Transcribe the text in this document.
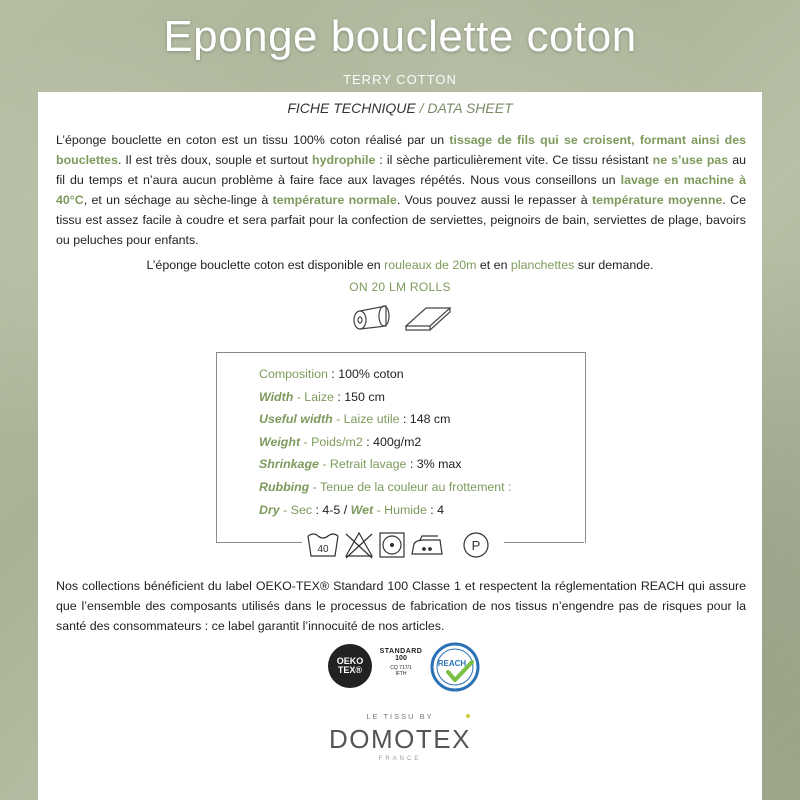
Eponge bouclette coton
TERRY COTTON
FICHE TECHNIQUE / DATA SHEET
L’éponge bouclette en coton est un tissu 100% coton réalisé par un tissage de fils qui se croisent, formant ainsi des bouclettes. Il est très doux, souple et surtout hydrophile : il sèche particulièrement vite. Ce tissu résistant ne s’use pas au fil du temps et n’aura aucun problème à faire face aux lavages répétés. Nous vous conseillons un lavage en machine à 40°C, et un séchage au sèche-linge à température normale. Vous pouvez aussi le repasser à température moyenne. Ce tissu est assez facile à coudre et sera parfait pour la confection de serviettes, peignoirs de bain, serviettes de plage, bavoirs ou peluches pour enfants.
L’éponge bouclette coton est disponible en rouleaux de 20m et en planchettes sur demande.
ON 20 LM ROLLS
Composition : 100% coton
Width - Laize : 150 cm
Useful width - Laize utile : 148 cm
Weight - Poids/m2 : 400g/m2
Shrinkage - Retrait lavage : 3% max
Rubbing - Tenue de la couleur au frottement :
Dry - Sec : 4-5 / Wet - Humide : 4
40	P
Nos collections bénéficient du label OEKO-TEX® Standard 100 Classe 1 et respectent la réglementation REACH qui assure que l’ensemble des composants utilisés dans le processus de fabrication de nos tissus n’engendre pas de risques pour la santé des consommateurs : ce label garantit l’innocuité de nos articles.
OEKO
TEX®
STANDARD
100
CQ 717/1
IFTH
REACH
LE TISSU BY
DOMOTEX
FRANCE
